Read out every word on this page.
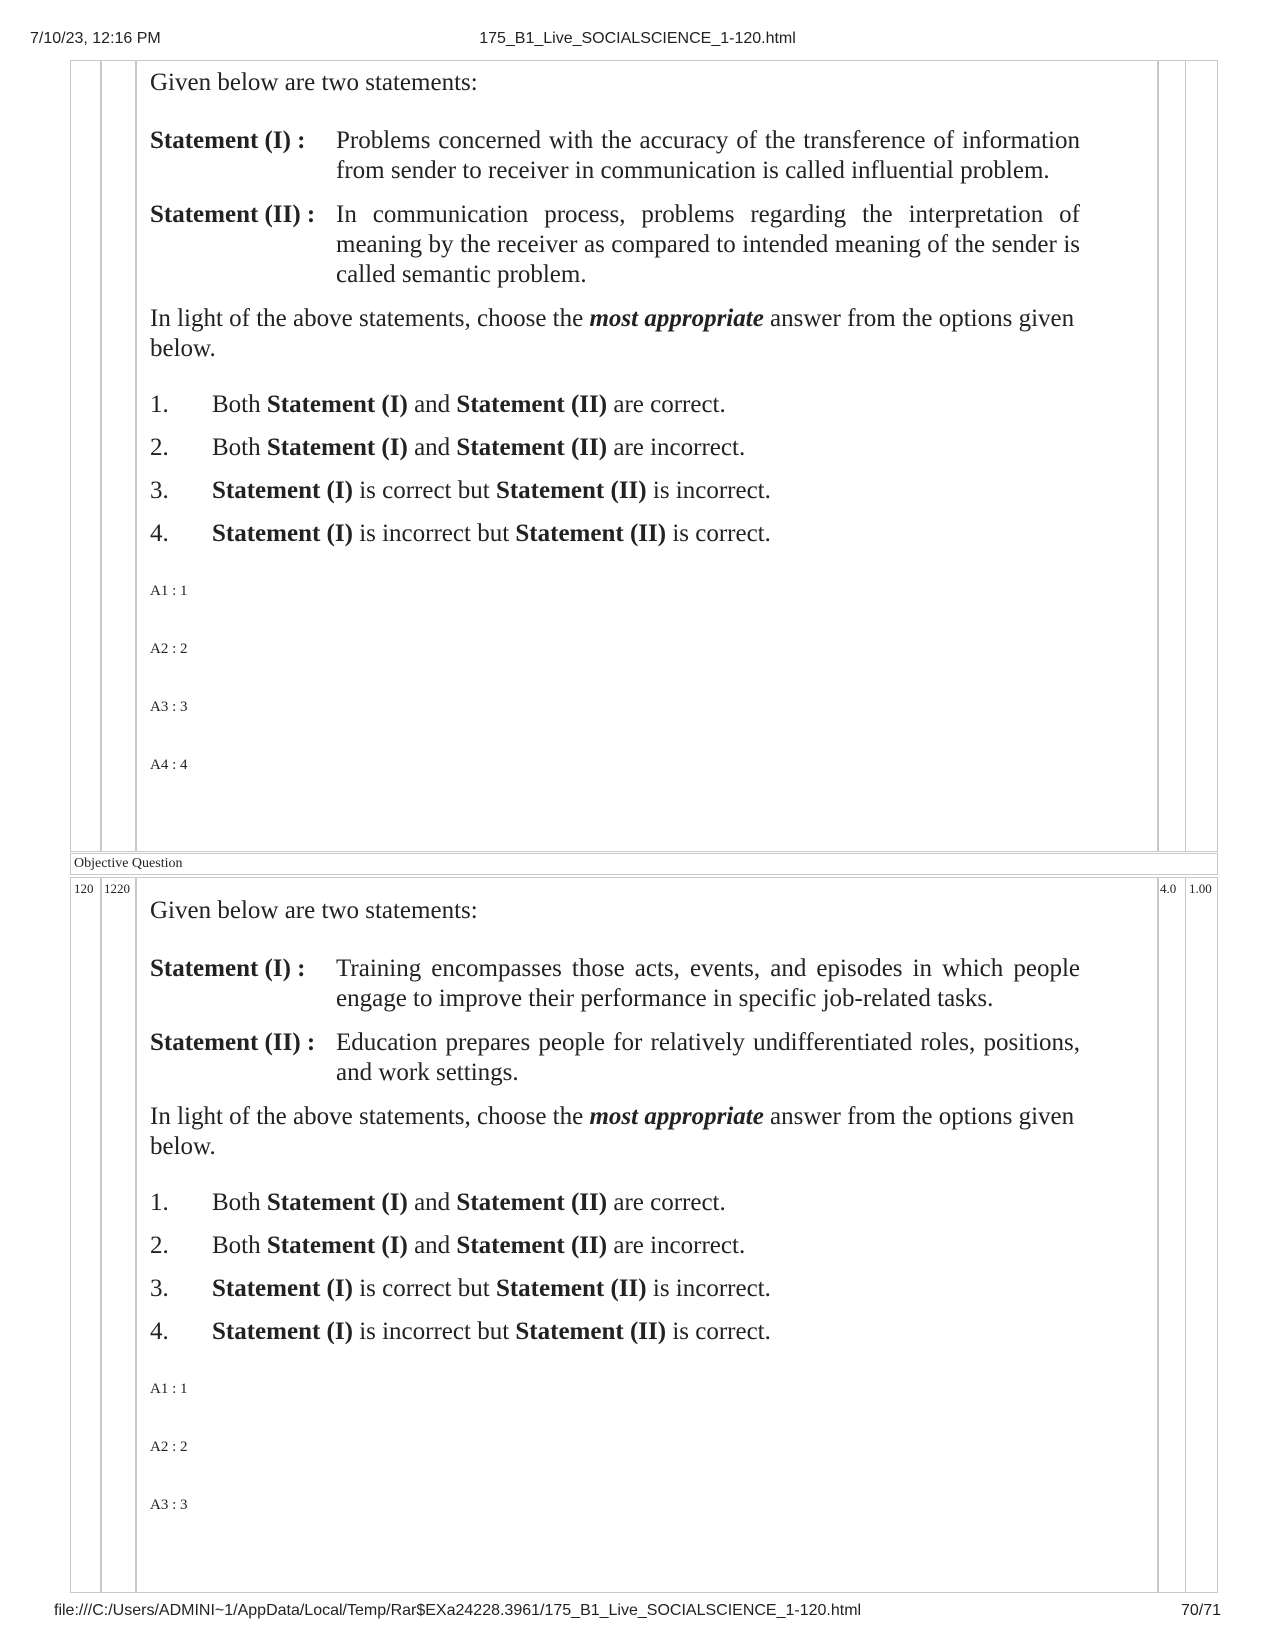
7/10/23, 12:16 PM	175_B1_Live_SOCIALSCIENCE_1-120.html
Objective Question
120 1220	4.0 1.00

Given below are two statements:

Statement (I) :	Problems concerned with the accuracy of the transference of information from sender to receiver in communication is called influential problem.
Statement (II) : In communication process, problems regarding the interpretation of meaning by the receiver as compared to intended meaning of the sender is called semantic problem.

In light of the above statements, choose the most appropriate answer from the options given below.

1.	Both Statement (I) and Statement (II) are correct.
2.	Both Statement (I) and Statement (II) are incorrect.
3.	Statement (I) is correct but Statement (II) is incorrect.
4.	Statement (I) is incorrect but Statement (II) is correct.
A1 : 1
A2 : 2
A3 : 3
A4 : 4

Given below are two statements:

Statement (I) :	Training encompasses those acts, events, and episodes in which people engage to improve their performance in specific job-related tasks.
Statement (II) : Education prepares people for relatively undifferentiated roles, positions, and work settings.

In light of the above statements, choose the most appropriate answer from the options given below.

1.	Both Statement (I) and Statement (II) are correct.
2.	Both Statement (I) and Statement (II) are incorrect.
3.	Statement (I) is correct but Statement (II) is incorrect.
4.	Statement (I) is incorrect but Statement (II) is correct.
A1 : 1
A2 : 2
A3 : 3
file:///C:/Users/ADMINI~1/AppData/Local/Temp/Rar$EXa24228.3961/175_B1_Live_SOCIALSCIENCE_1-120.html	70/71
